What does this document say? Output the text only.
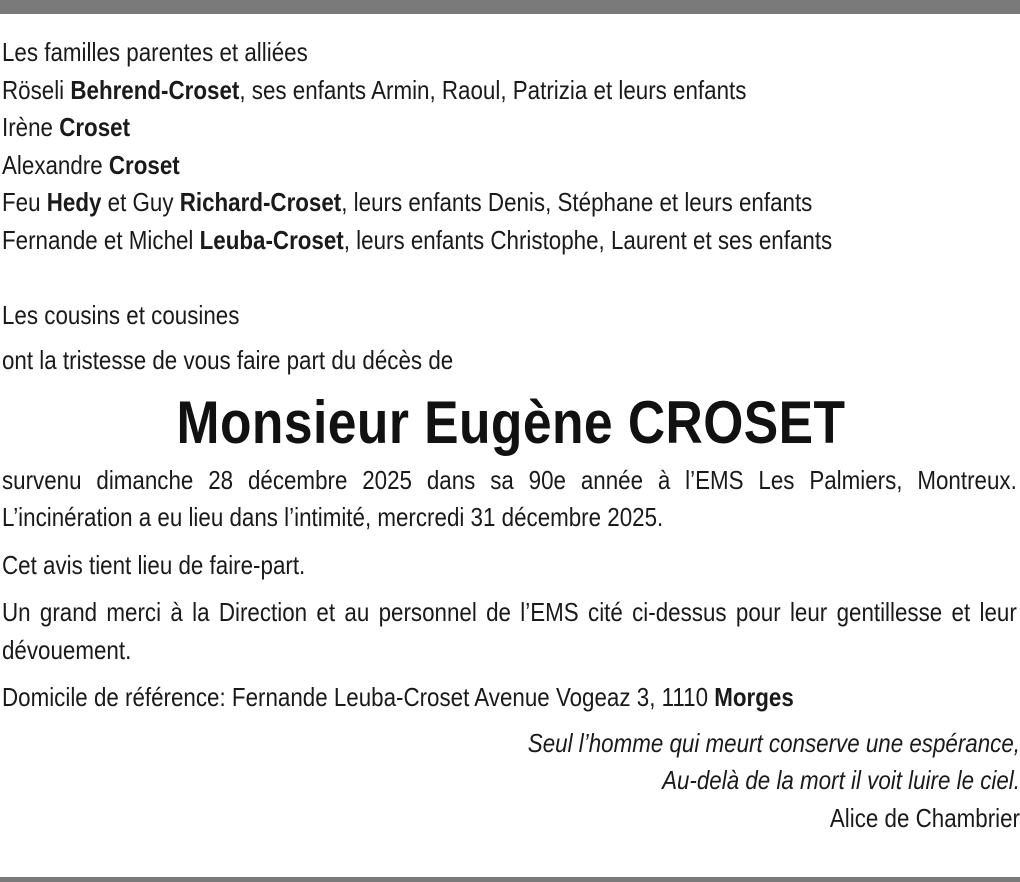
Les familles parentes et alliées
Röseli Behrend-Croset, ses enfants Armin, Raoul, Patrizia et leurs enfants
Irène Croset
Alexandre Croset
Feu Hedy et Guy Richard-Croset, leurs enfants Denis, Stéphane et leurs enfants
Fernande et Michel Leuba-Croset, leurs enfants Christophe, Laurent et ses enfants
Les cousins et cousines
ont la tristesse de vous faire part du décès de
Monsieur Eugène CROSET
survenu dimanche 28 décembre 2025 dans sa 90e année à l’EMS Les Palmiers, Montreux. L’incinération a eu lieu dans l’intimité, mercredi 31 décembre 2025.
Cet avis tient lieu de faire-part.
Un grand merci à la Direction et au personnel de l’EMS cité ci-dessus pour leur gentillesse et leur dévouement.
Domicile de référence: Fernande Leuba-Croset Avenue Vogeaz 3, 1110 Morges
Seul l’homme qui meurt conserve une espérance,
Au-delà de la mort il voit luire le ciel.
Alice de Chambrier
